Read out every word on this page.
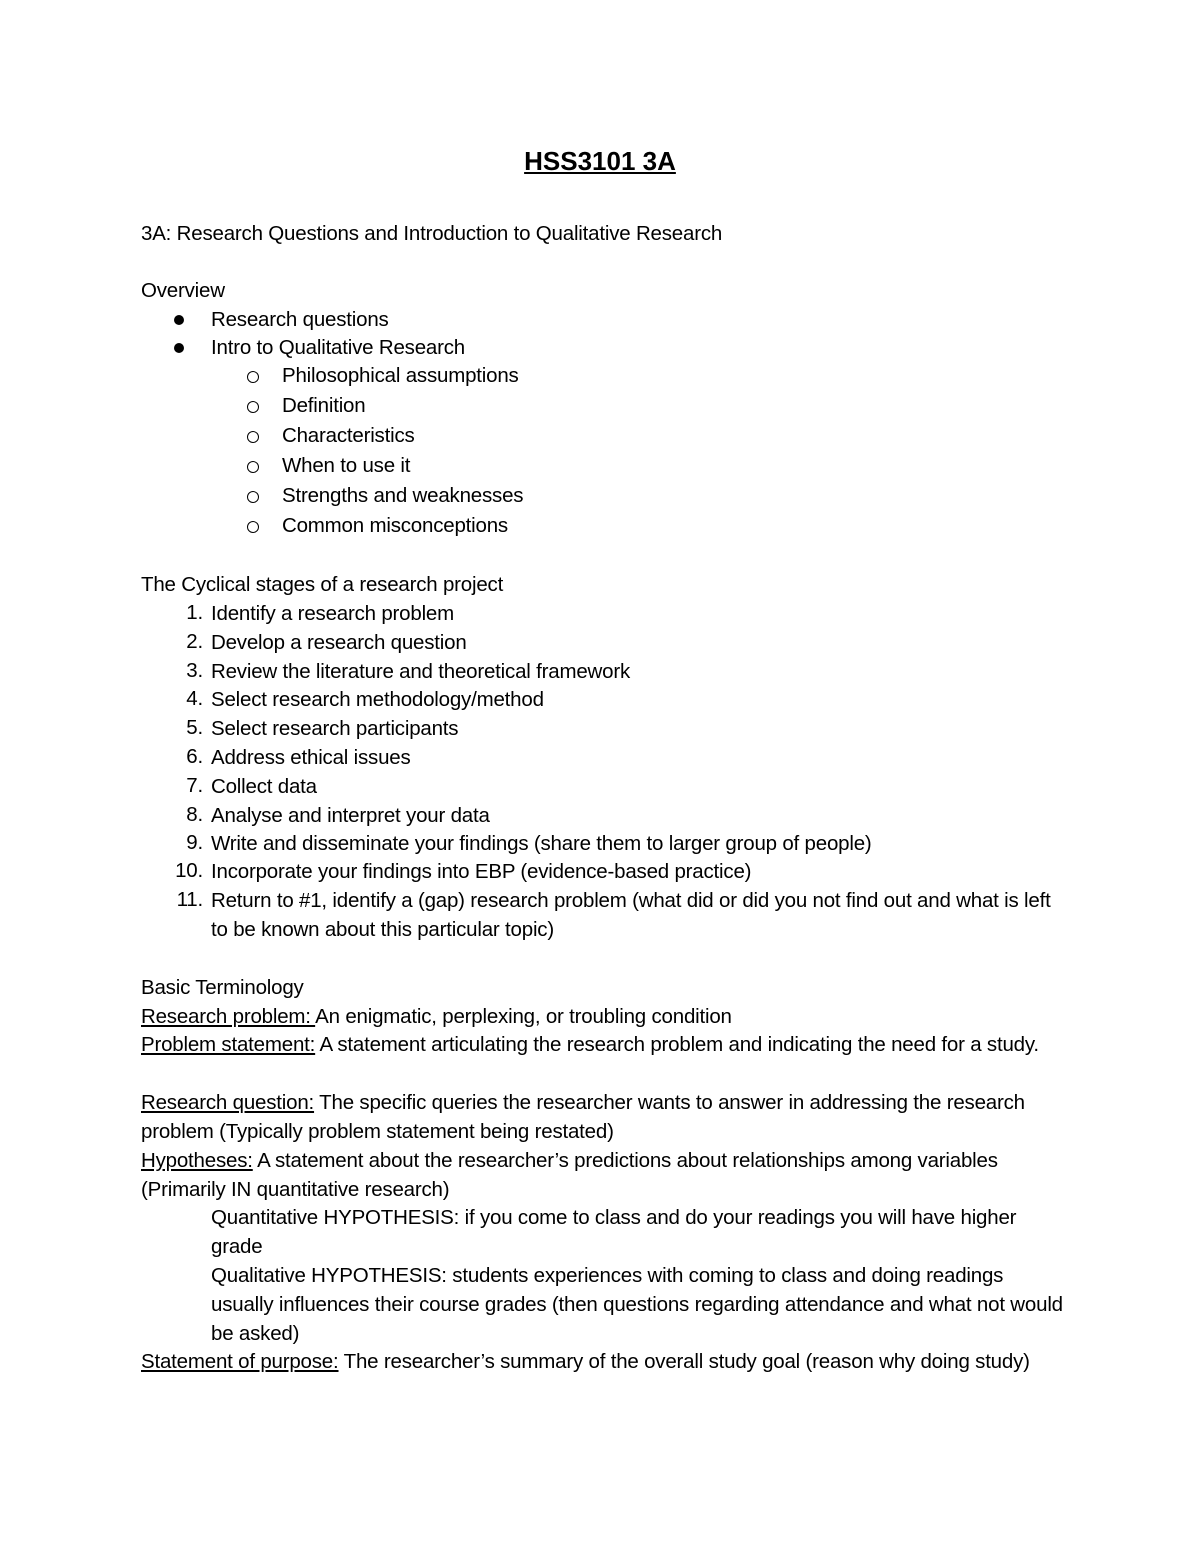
HSS3101 3A
3A: Research Questions and Introduction to Qualitative Research
Overview
Research questions
Intro to Qualitative Research
Philosophical assumptions
Definition
Characteristics
When to use it
Strengths and weaknesses
Common misconceptions
The Cyclical stages of a research project
1. Identify a research problem
2. Develop a research question
3. Review the literature and theoretical framework
4. Select research methodology/method
5. Select research participants
6. Address ethical issues
7. Collect data
8. Analyse and interpret your data
9. Write and disseminate your findings (share them to larger group of people)
10. Incorporate your findings into EBP (evidence-based practice)
11. Return to #1, identify a (gap) research problem (what did or did you not find out and what is left to be known about this particular topic)
Basic Terminology
Research problem: An enigmatic, perplexing, or troubling condition
Problem statement: A statement articulating the research problem and indicating the need for a study.
Research question: The specific queries the researcher wants to answer in addressing the research problem (Typically problem statement being restated)
Hypotheses: A statement about the researcher’s predictions about relationships among variables (Primarily IN quantitative research)
Quantitative HYPOTHESIS: if you come to class and do your readings you will have higher grade
Qualitative HYPOTHESIS: students experiences with coming to class and doing readings usually influences their course grades (then questions regarding attendance and what not would be asked)
Statement of purpose: The researcher’s summary of the overall study goal (reason why doing study)
